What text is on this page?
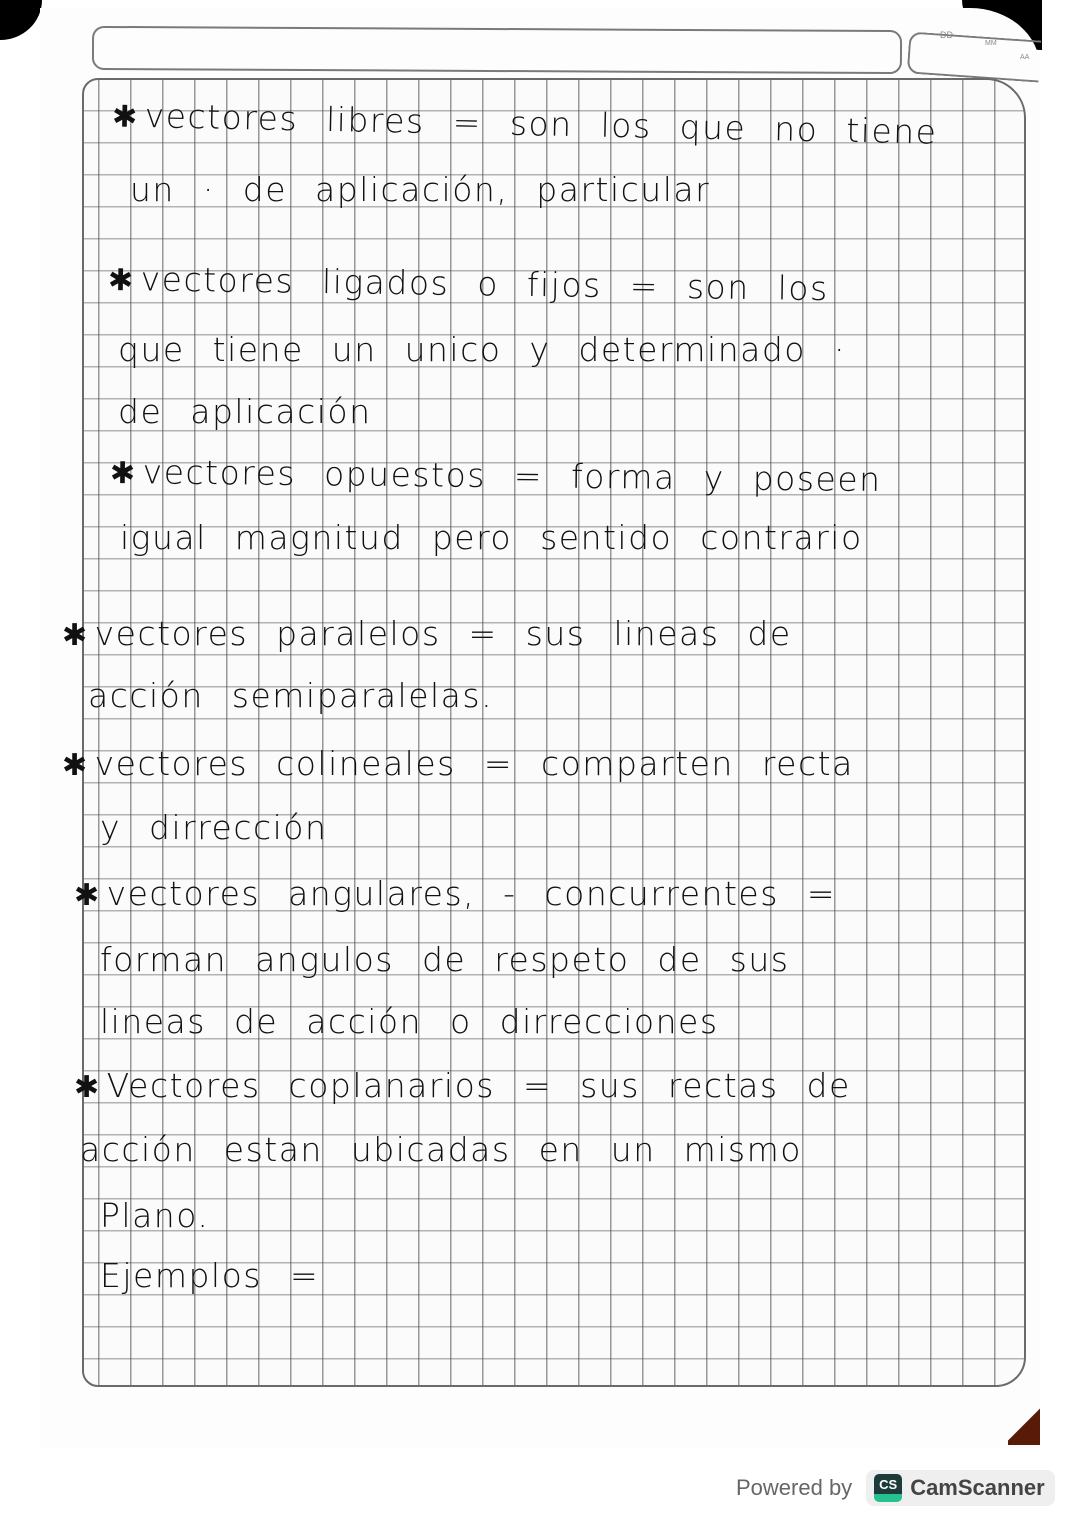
DD
MM
AA
✱ vectores libres = son los que no tiene
un · de aplicación, particular
✱ vectores ligados o fijos = son los
que tiene un unico y determinado ·
de aplicación
✱ vectores opuestos = forma y poseen
igual magnitud pero sentido contrario
✱ vectores paralelos = sus lineas de
acción semiparalelas.
✱ vectores colineales = comparten recta
y dirrección
✱ vectores angulares, - concurrentes =
forman angulos de respeto de sus
lineas de acción o dirrecciones
✱ Vectores coplanarios = sus rectas de
acción estan ubicadas en un mismo
Plano.
Ejemplos =
Powered by	CS CamScanner
